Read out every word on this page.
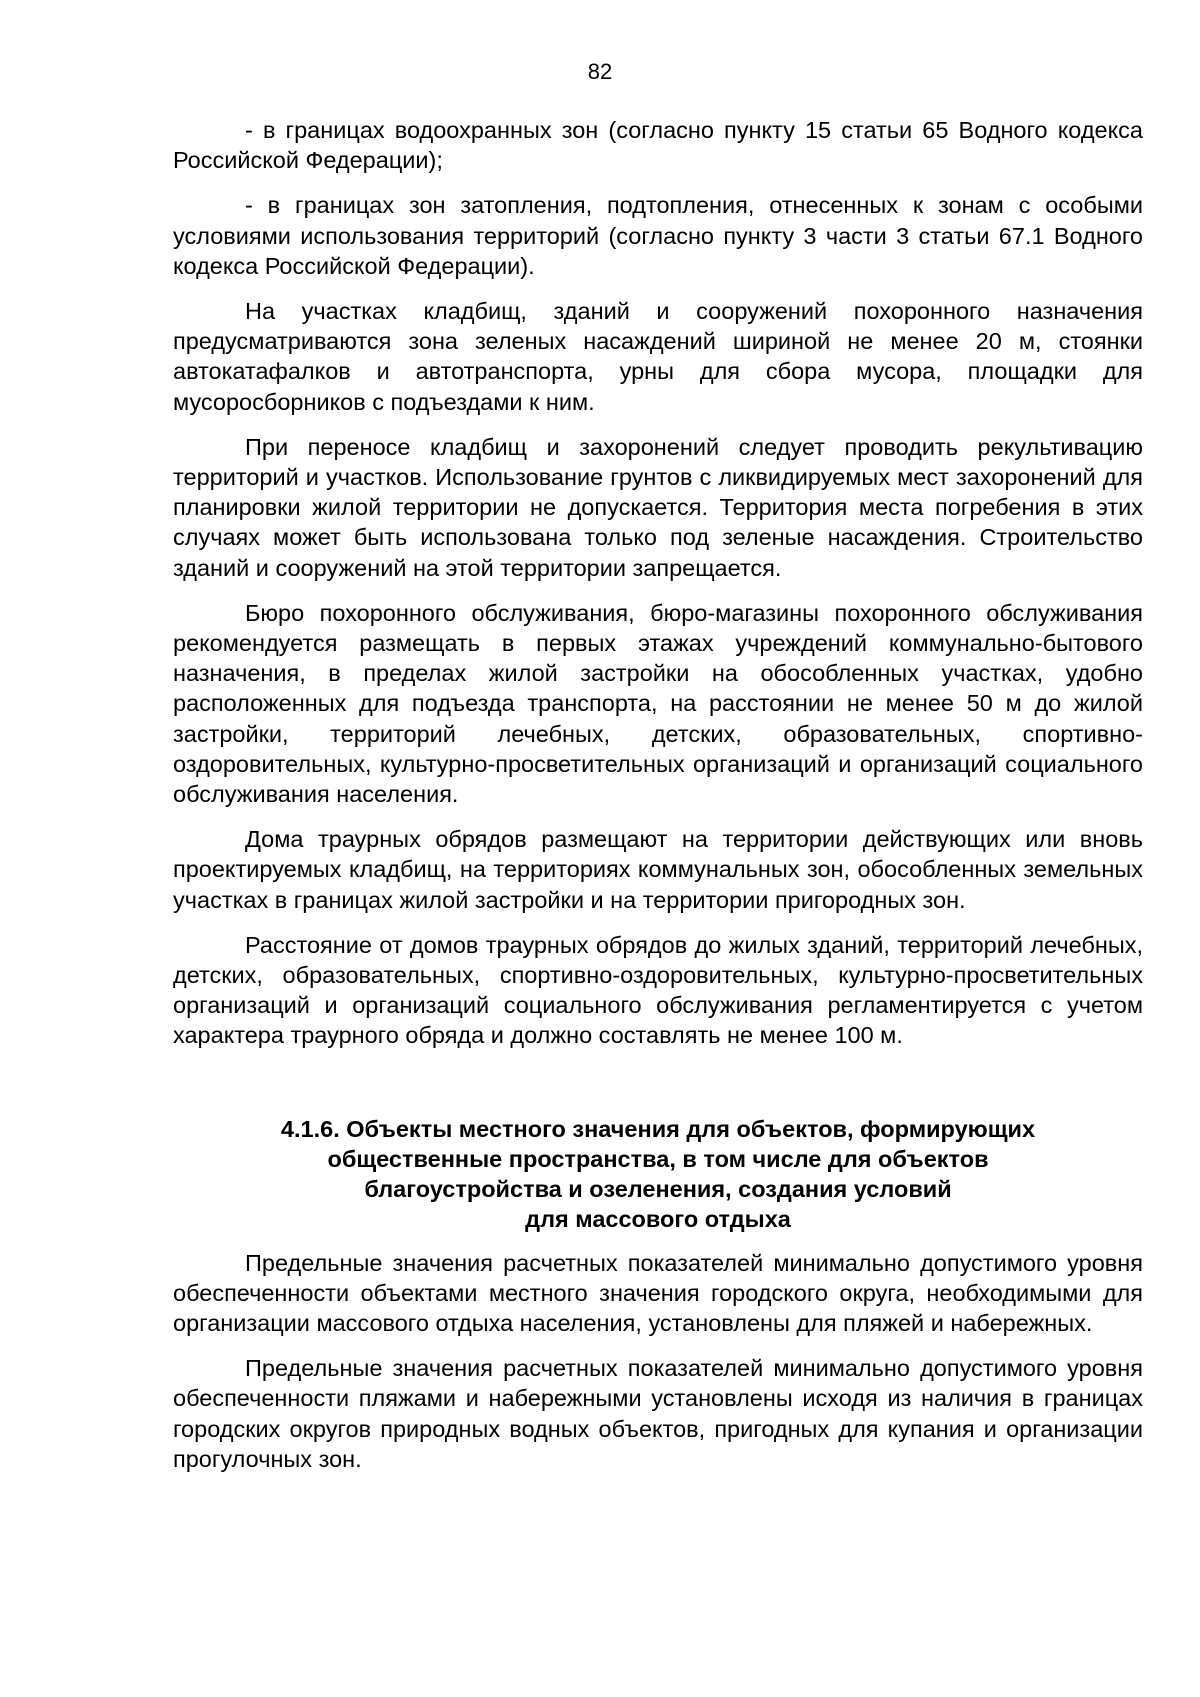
82

- в границах водоохранных зон (согласно пункту 15 статьи 65 Водного кодекса Российской Федерации);

- в границах зон затопления, подтопления, отнесенных к зонам с особыми условиями использования территорий (согласно пункту 3 части 3 статьи 67.1 Водного кодекса Российской Федерации).

На участках кладбищ, зданий и сооружений похоронного назначения предусматриваются зона зеленых насаждений шириной не менее 20 м, стоянки автокатафалков и автотранспорта, урны для сбора мусора, площадки для мусоросборников с подъездами к ним.

При переносе кладбищ и захоронений следует проводить рекультивацию территорий и участков. Использование грунтов с ликвидируемых мест захоронений для планировки жилой территории не допускается. Территория места погребения в этих случаях может быть использована только под зеленые насаждения. Строительство зданий и сооружений на этой территории запрещается.

Бюро похоронного обслуживания, бюро-магазины похоронного обслуживания рекомендуется размещать в первых этажах учреждений коммунально-бытового назначения, в пределах жилой застройки на обособленных участках, удобно расположенных для подъезда транспорта, на расстоянии не менее 50 м до жилой застройки, территорий лечебных, детских, образовательных, спортивно-оздоровительных, культурно-просветительных организаций и организаций социального обслуживания населения.

Дома траурных обрядов размещают на территории действующих или вновь проектируемых кладбищ, на территориях коммунальных зон, обособленных земельных участках в границах жилой застройки и на территории пригородных зон.

Расстояние от домов траурных обрядов до жилых зданий, территорий лечебных, детских, образовательных, спортивно-оздоровительных, культурно-просветительных организаций и организаций социального обслуживания регламентируется с учетом характера траурного обряда и должно составлять не менее 100 м.

4.1.6. Объекты местного значения для объектов, формирующих
общественные пространства, в том числе для объектов
благоустройства и озеленения, создания условий
для массового отдыха

Предельные значения расчетных показателей минимально допустимого уровня обеспеченности объектами местного значения городского округа, необходимыми для организации массового отдыха населения, установлены для пляжей и набережных.

Предельные значения расчетных показателей минимально допустимого уровня обеспеченности пляжами и набережными установлены исходя из наличия в границах городских округов природных водных объектов, пригодных для купания и организации прогулочных зон.
